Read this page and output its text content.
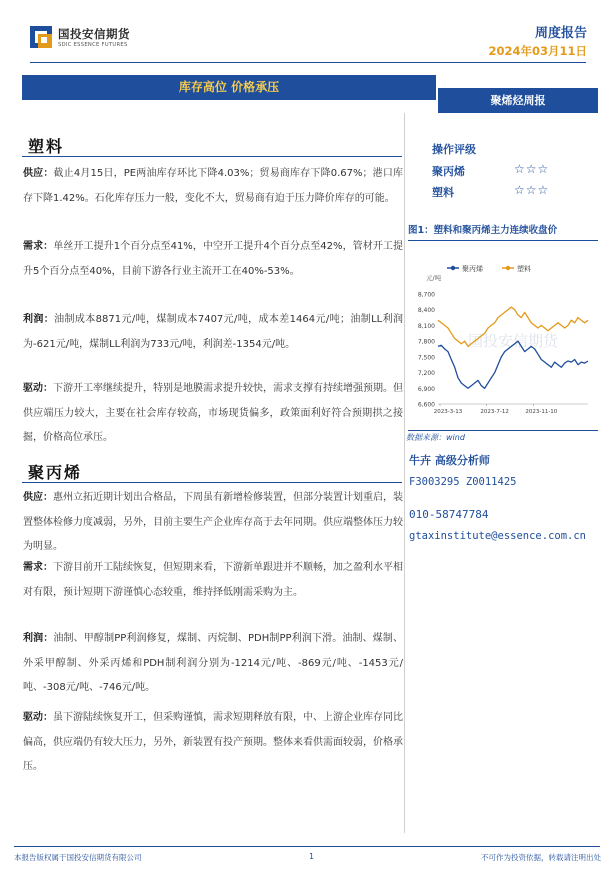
国投安信期货
SDIC ESSENCE FUTURES
周度报告
2024年03月11日
库存高位 价格承压
聚烯烃周报
塑料
供应：截止4月15日，PE两油库存环比下降4.03%；贸易商库存下降0.67%；港口库存下降1.42%。石化库存压力一般，变化不大，贸易商有迫于压力降价库存的可能。
需求：单丝开工提升1个百分点至41%，中空开工提升4个百分点至42%，管材开工提升5个百分点至40%，目前下游各行业主流开工在40%-53%。
利润：油制成本8871元/吨，煤制成本7407元/吨，成本差1464元/吨；油制LL利润为-621元/吨，煤制LL利润为733元/吨，利润差-1354元/吨。
驱动：下游开工率继续提升，特别是地膜需求提升较快，需求支撑有持续增强预期。但供应端压力较大，主要在社会库存较高，市场现货偏多，政策面利好符合预期拱之接掘，价格高位承压。
聚丙烯
供应：惠州立拓近期计划出合格品，下周虽有新增检修装置，但部分装置计划重启，装置整体检修力度减弱，另外，目前主要生产企业库存高于去年同期。供应端整体压力较为明显。
需求：下游目前开工陆续恢复，但短期来看，下游新单跟进并不顺畅，加之盈利水平相对有限，预计短期下游谨慎心态较重，维持择低刚需采购为主。
利润：油制、甲醇制PP利润修复，煤制、丙烷制、PDH制PP利润下滑。油制、煤制、外采甲醇制、外采丙烯和PDH制利润分别为-1214元/吨、-869元/吨、-1453元/吨、-308元/吨、-746元/吨。
驱动：虽下游陆续恢复开工，但采购谨慎，需求短期释放有限，中、上游企业库存同比偏高，供应端仍有较大压力，另外，新装置有投产预期。整体来看供需面较弱，价格承压。
操作评级
聚丙烯	☆☆☆
塑料	☆☆☆
图1：塑料和聚丙烯主力连续收盘价
国投安信期货
元/吨
聚丙烯	塑料
6,600
6,900
7,200
7,500
7,800
8,100
8,400
8,700
2023-3-13	2023-7-12	2023-11-10
数据来源：wind
牛卉 高级分析师
F3003295 Z0011425
010-58747784
gtaxinstitute@essence.com.cn
本报告版权属于国投安信期货有限公司	1	不可作为投资依据，转载请注明出处
